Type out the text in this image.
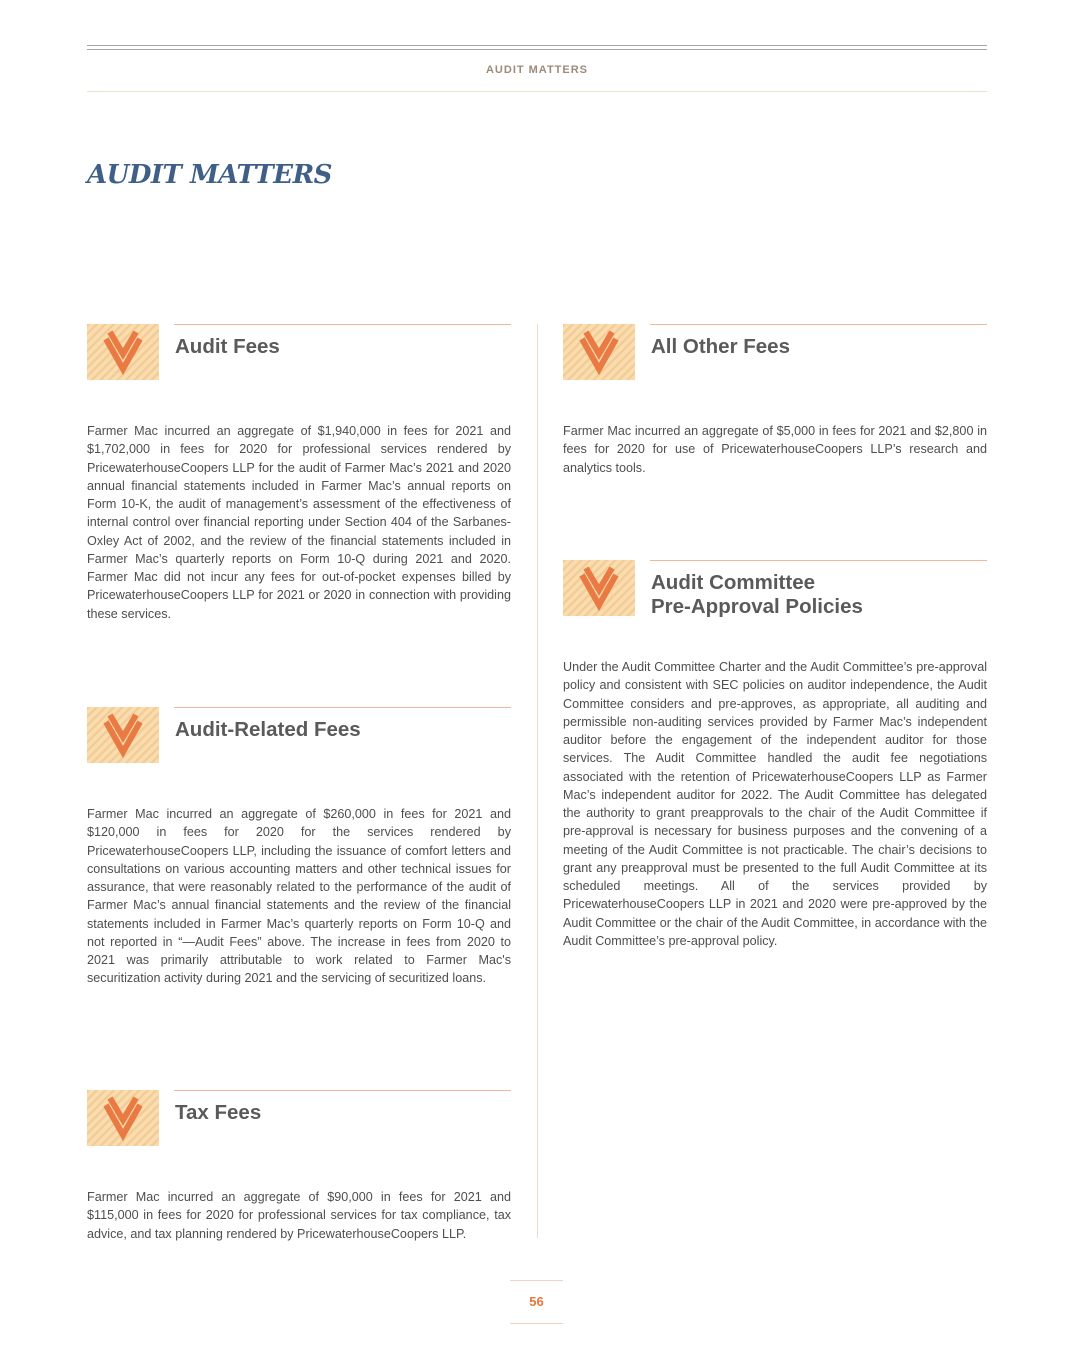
AUDIT MATTERS
AUDIT MATTERS
Audit Fees

Farmer Mac incurred an aggregate of $1,940,000 in fees for 2021 and $1,702,000 in fees for 2020 for professional services rendered by PricewaterhouseCoopers LLP for the audit of Farmer Mac’s 2021 and 2020 annual financial statements included in Farmer Mac’s annual reports on Form 10-K, the audit of management’s assessment of the effectiveness of internal control over financial reporting under Section 404 of the Sarbanes-Oxley Act of 2002, and the review of the financial statements included in Farmer Mac’s quarterly reports on Form 10-Q during 2021 and 2020. Farmer Mac did not incur any fees for out-of-pocket expenses billed by PricewaterhouseCoopers LLP for 2021 or 2020 in connection with providing these services.

Audit-Related Fees

Farmer Mac incurred an aggregate of $260,000 in fees for 2021 and $120,000 in fees for 2020 for the services rendered by PricewaterhouseCoopers LLP, including the issuance of comfort letters and consultations on various accounting matters and other technical issues for assurance, that were reasonably related to the performance of the audit of Farmer Mac’s annual financial statements and the review of the financial statements included in Farmer Mac’s quarterly reports on Form 10-Q and not reported in “—Audit Fees” above. The increase in fees from 2020 to 2021 was primarily attributable to work related to Farmer Mac's securitization activity during 2021 and the servicing of securitized loans.

Tax Fees

Farmer Mac incurred an aggregate of $90,000 in fees for 2021 and $115,000 in fees for 2020 for professional services for tax compliance, tax advice, and tax planning rendered by PricewaterhouseCoopers LLP.

All Other Fees

Farmer Mac incurred an aggregate of $5,000 in fees for 2021 and $2,800 in fees for 2020 for use of PricewaterhouseCoopers LLP’s research and analytics tools.

Audit Committee
Pre-Approval Policies

Under the Audit Committee Charter and the Audit Committee’s pre-approval policy and consistent with SEC policies on auditor independence, the Audit Committee considers and pre-approves, as appropriate, all auditing and permissible non-auditing services provided by Farmer Mac’s independent auditor before the engagement of the independent auditor for those services. The Audit Committee handled the audit fee negotiations associated with the retention of PricewaterhouseCoopers LLP as Farmer Mac’s independent auditor for 2022. The Audit Committee has delegated the authority to grant preapprovals to the chair of the Audit Committee if pre-approval is necessary for business purposes and the convening of a meeting of the Audit Committee is not practicable. The chair’s decisions to grant any preapproval must be presented to the full Audit Committee at its scheduled meetings. All of the services provided by PricewaterhouseCoopers LLP in 2021 and 2020 were pre-approved by the Audit Committee or the chair of the Audit Committee, in accordance with the Audit Committee’s pre-approval policy.

56
